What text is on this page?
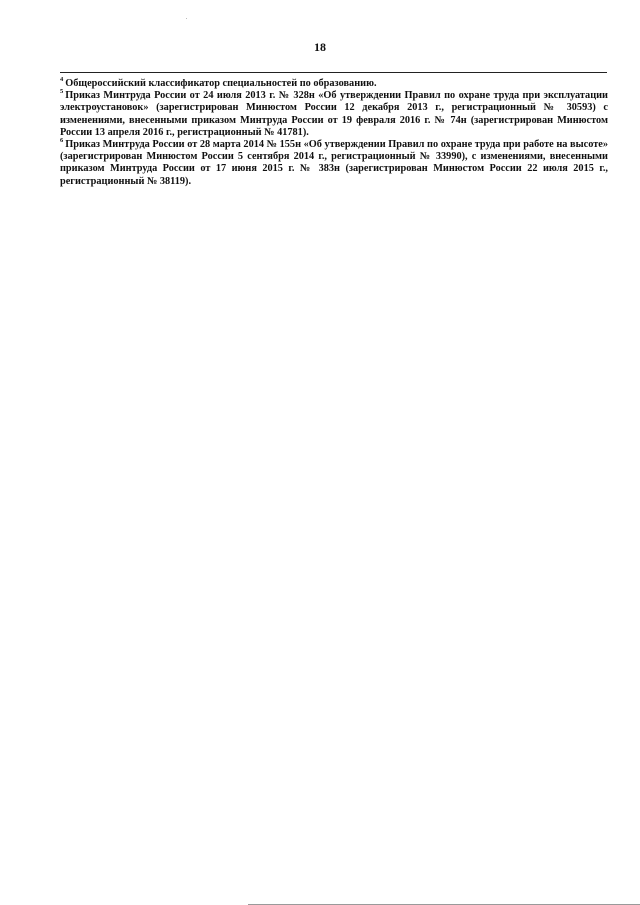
18

$^4$ Общероссийский классификатор специальностей по образованию.

$^5$ Приказ Минтруда России от 24 июля 2013 г. № 328н «Об утверждении Правил по охране труда при эксплуатации электроустановок» (зарегистрирован Минюстом России 12 декабря 2013 г., регистрационный № 30593) с изменениями, внесенными приказом Минтруда России от 19 февраля 2016 г. № 74н (зарегистрирован Минюстом России 13 апреля 2016 г., регистрационный № 41781).

$^6$ Приказ Минтруда России от 28 марта 2014 № 155н «Об утверждении Правил по охране труда при работе на высоте» (зарегистрирован Минюстом России 5 сентября 2014 г., регистрационный № 33990), с изменениями, внесенными приказом Минтруда России от 17 июня 2015 г. № 383н (зарегистрирован Минюстом России 22 июля 2015 г., регистрационный № 38119).
